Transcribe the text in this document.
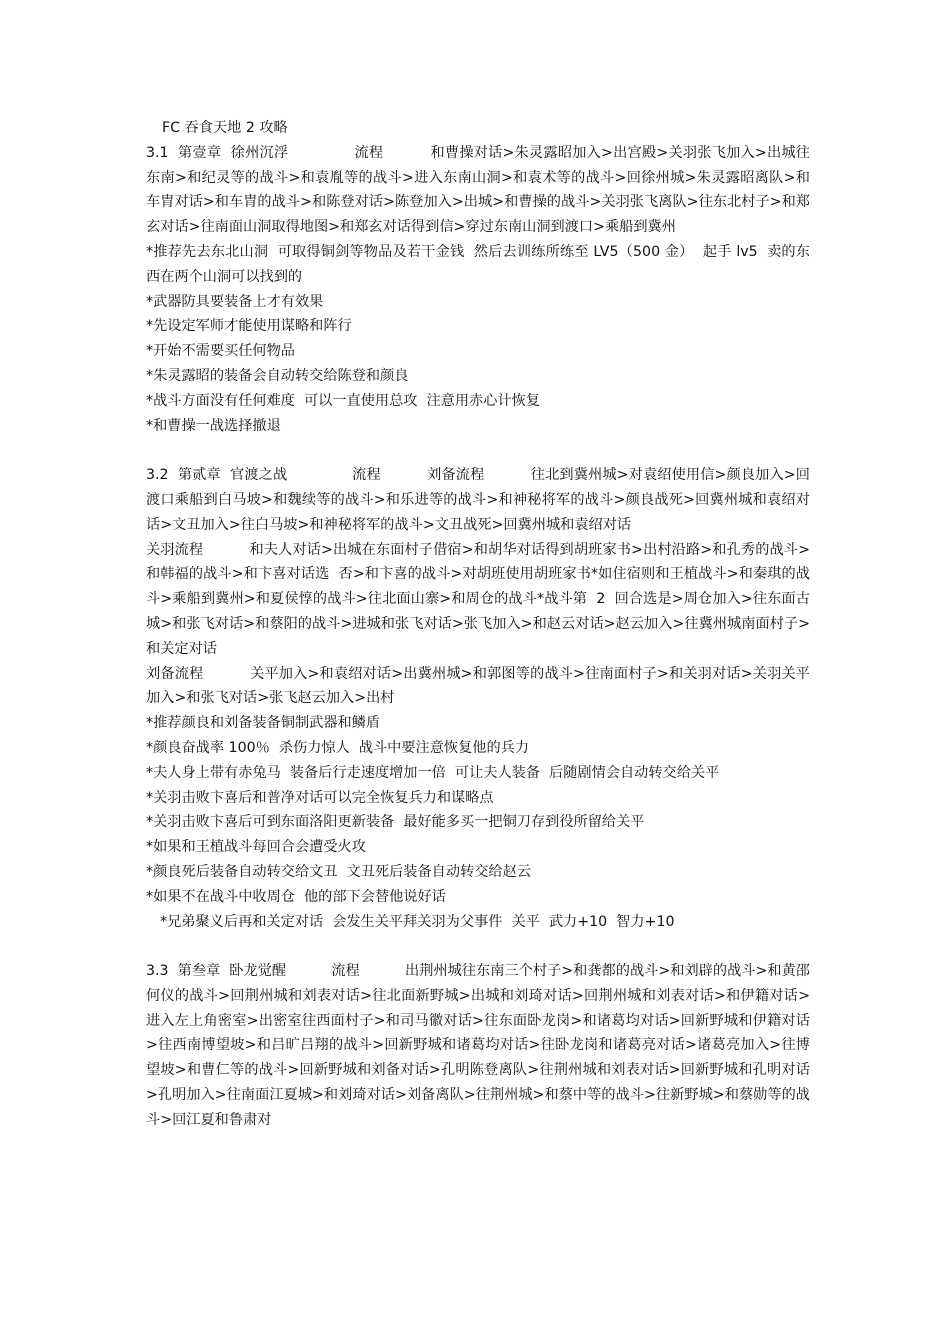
FC 吞食天地 2 攻略

3.1  第壹章  徐州沉浮              流程          和曹操对话>朱灵露昭加入>出宫殿>关羽张飞加入>出城往东南>和纪灵等的战斗>和袁胤等的战斗>进入东南山洞>和袁术等的战斗>回徐州城>朱灵露昭离队>和车胄对话>和车胄的战斗>和陈登对话>陈登加入>出城>和曹操的战斗>关羽张飞离队>往东北村子>和郑玄对话>往南面山洞取得地图>和郑玄对话得到信>穿过东南山洞到渡口>乘船到冀州

*推荐先去东北山洞  可取得铜剑等物品及若干金钱  然后去训练所练至 LV5（500 金）  起手 lv5  卖的东西在两个山洞可以找到的

*武器防具要装备上才有效果

*先设定军师才能使用谋略和阵行

*开始不需要买任何物品

*朱灵露昭的装备会自动转交给陈登和颜良

*战斗方面没有任何难度  可以一直使用总攻  注意用赤心计恢复

*和曹操一战选择撤退

3.2  第贰章  官渡之战              流程          刘备流程          往北到冀州城>对袁绍使用信>颜良加入>回渡口乘船到白马坡>和魏续等的战斗>和乐进等的战斗>和神秘将军的战斗>颜良战死>回冀州城和袁绍对话>文丑加入>往白马坡>和神秘将军的战斗>文丑战死>回冀州城和袁绍对话

关羽流程          和夫人对话>出城在东面村子借宿>和胡华对话得到胡班家书>出村沿路>和孔秀的战斗>和韩福的战斗>和卞喜对话选  否>和卞喜的战斗>对胡班使用胡班家书*如住宿则和王植战斗>和秦琪的战斗>乘船到冀州>和夏侯惇的战斗>往北面山寨>和周仓的战斗*战斗第  2  回合选是>周仓加入>往东面古城>和张飞对话>和蔡阳的战斗>进城和张飞对话>张飞加入>和赵云对话>赵云加入>往冀州城南面村子>和关定对话

刘备流程          关平加入>和袁绍对话>出冀州城>和郭图等的战斗>往南面村子>和关羽对话>关羽关平加入>和张飞对话>张飞赵云加入>出村

*推荐颜良和刘备装备铜制武器和鳞盾

*颜良奋战率 100％  杀伤力惊人  战斗中要注意恢复他的兵力

*夫人身上带有赤兔马  装备后行走速度增加一倍  可让夫人装备  后随剧情会自动转交给关平

*关羽击败卞喜后和普净对话可以完全恢复兵力和谋略点

*关羽击败卞喜后可到东面洛阳更新装备  最好能多买一把铜刀存到役所留给关平

*如果和王植战斗每回合会遭受火攻

*颜良死后装备自动转交给文丑  文丑死后装备自动转交给赵云

*如果不在战斗中收周仓  他的部下会替他说好话

*兄弟聚义后再和关定对话  会发生关平拜关羽为父事件  关平  武力+10  智力+10

3.3  第叁章  卧龙觉醒          流程          出荆州城往东南三个村子>和龚都的战斗>和刘辟的战斗>和黄邵何仪的战斗>回荆州城和刘表对话>往北面新野城>出城和刘琦对话>回荆州城和刘表对话>和伊籍对话>进入左上角密室>出密室往西面村子>和司马徽对话>往东面卧龙岗>和诸葛均对话>回新野城和伊籍对话>往西南博望坡>和吕旷吕翔的战斗>回新野城和诸葛均对话>往卧龙岗和诸葛亮对话>诸葛亮加入>往博望坡>和曹仁等的战斗>回新野城和刘备对话>孔明陈登离队>往荆州城和刘表对话>回新野城和孔明对话>孔明加入>往南面江夏城>和刘琦对话>刘备离队>往荆州城>和蔡中等的战斗>往新野城>和蔡勋等的战斗>回江夏和鲁肃对
